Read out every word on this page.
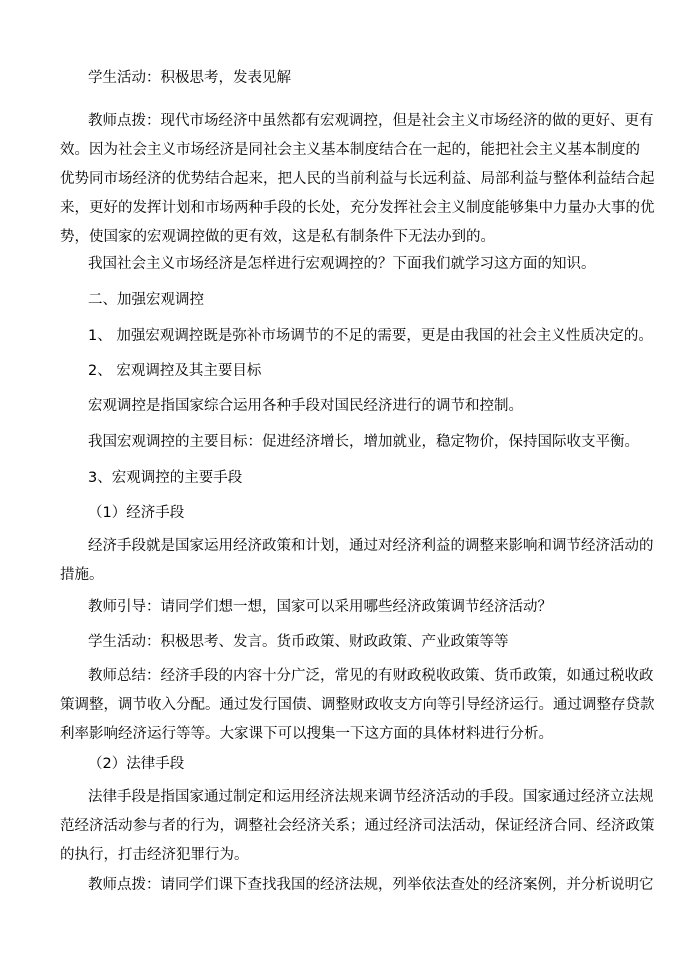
学生活动：积极思考，发表见解
教师点拨：现代市场经济中虽然都有宏观调控，但是社会主义市场经济的做的更好、更有
效。因为社会主义市场经济是同社会主义基本制度结合在一起的，能把社会主义基本制度的
优势同市场经济的优势结合起来，把人民的当前利益与长远利益、局部利益与整体利益结合起
来，更好的发挥计划和市场两种手段的长处，充分发挥社会主义制度能够集中力量办大事的优
势，使国家的宏观调控做的更有效，这是私有制条件下无法办到的。
我国社会主义市场经济是怎样进行宏观调控的？下面我们就学习这方面的知识。
二、加强宏观调控
1、 加强宏观调控既是弥补市场调节的不足的需要，更是由我国的社会主义性质决定的。
2、 宏观调控及其主要目标
宏观调控是指国家综合运用各种手段对国民经济进行的调节和控制。
我国宏观调控的主要目标：促进经济增长，增加就业，稳定物价，保持国际收支平衡。
3、宏观调控的主要手段
（1）经济手段
经济手段就是国家运用经济政策和计划，通过对经济利益的调整来影响和调节经济活动的
措施。
教师引导：请同学们想一想，国家可以采用哪些经济政策调节经济活动？
学生活动：积极思考、发言。货币政策、财政政策、产业政策等等
教师总结：经济手段的内容十分广泛，常见的有财政税收政策、货币政策，如通过税收政
策调整，调节收入分配。通过发行国债、调整财政收支方向等引导经济运行。通过调整存贷款
利率影响经济运行等等。大家课下可以搜集一下这方面的具体材料进行分析。
（2）法律手段
法律手段是指国家通过制定和运用经济法规来调节经济活动的手段。国家通过经济立法规
范经济活动参与者的行为，调整社会经济关系；通过经济司法活动，保证经济合同、经济政策
的执行，打击经济犯罪行为。
教师点拨：请同学们课下查找我国的经济法规，列举依法查处的经济案例，并分析说明它
